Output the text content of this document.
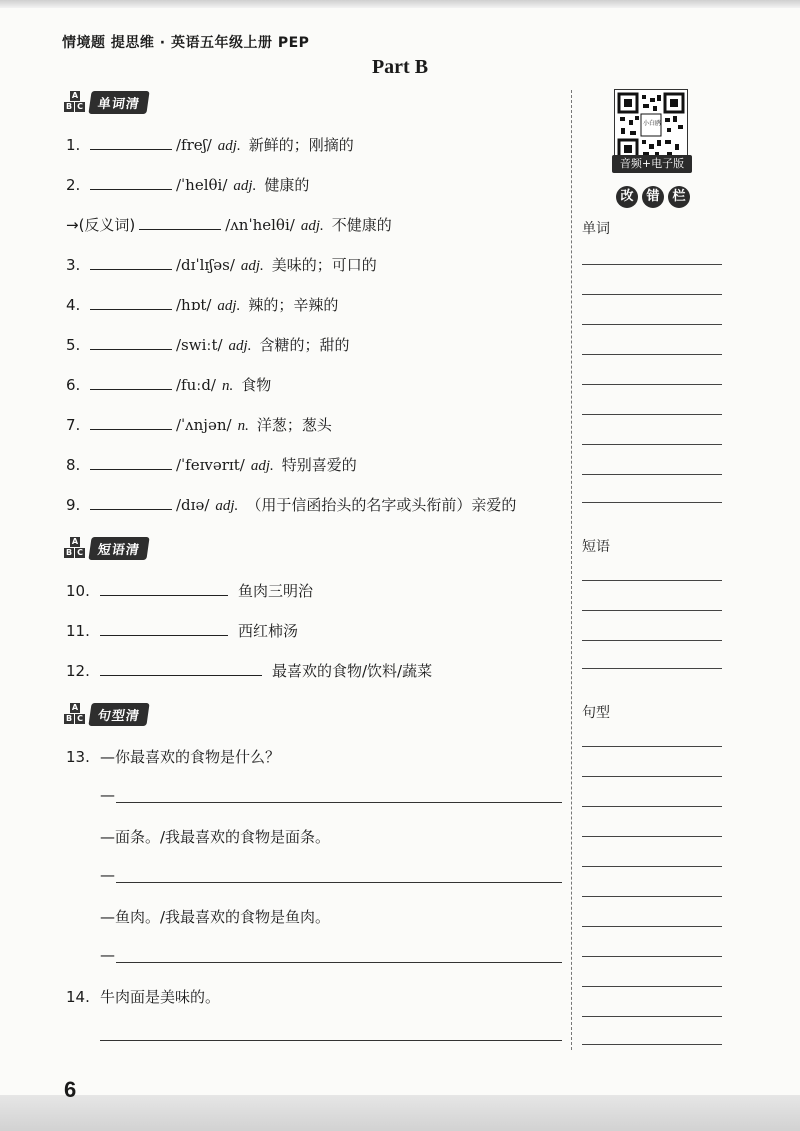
情境题 提思维 · 英语五年级上册 PEP
Part B
A
B C	单词清
1.	/freʃ/ adj. 新鲜的；刚摘的
2.	/ˈhelθi/ adj. 健康的
→(反义词)	/ʌnˈhelθi/ adj. 不健康的
3.	/dɪˈlɪʃəs/ adj. 美味的；可口的
4.	/hɒt/ adj. 辣的；辛辣的
5.	/swiːt/ adj. 含糖的；甜的
6.	/fuːd/ n. 食物
7.	/ˈʌnjən/ n. 洋葱；葱头
8.	/ˈfeɪvərɪt/ adj. 特别喜爱的
9.	/dɪə/ adj. （用于信函抬头的名字或头衔前）亲爱的
A
B C	短语清
10.	鱼肉三明治
11.	西红柿汤
12.	最喜欢的食物/饮料/蔬菜
A
B C	句型清
13. —你最喜欢的食物是什么？
—
—面条。/我最喜欢的食物是面条。
—
—鱼肉。/我最喜欢的食物是鱼肉。
—
14. 牛肉面是美味的。
小白鸥
音频+电子版
改 错 栏
单词
短语
句型
6
